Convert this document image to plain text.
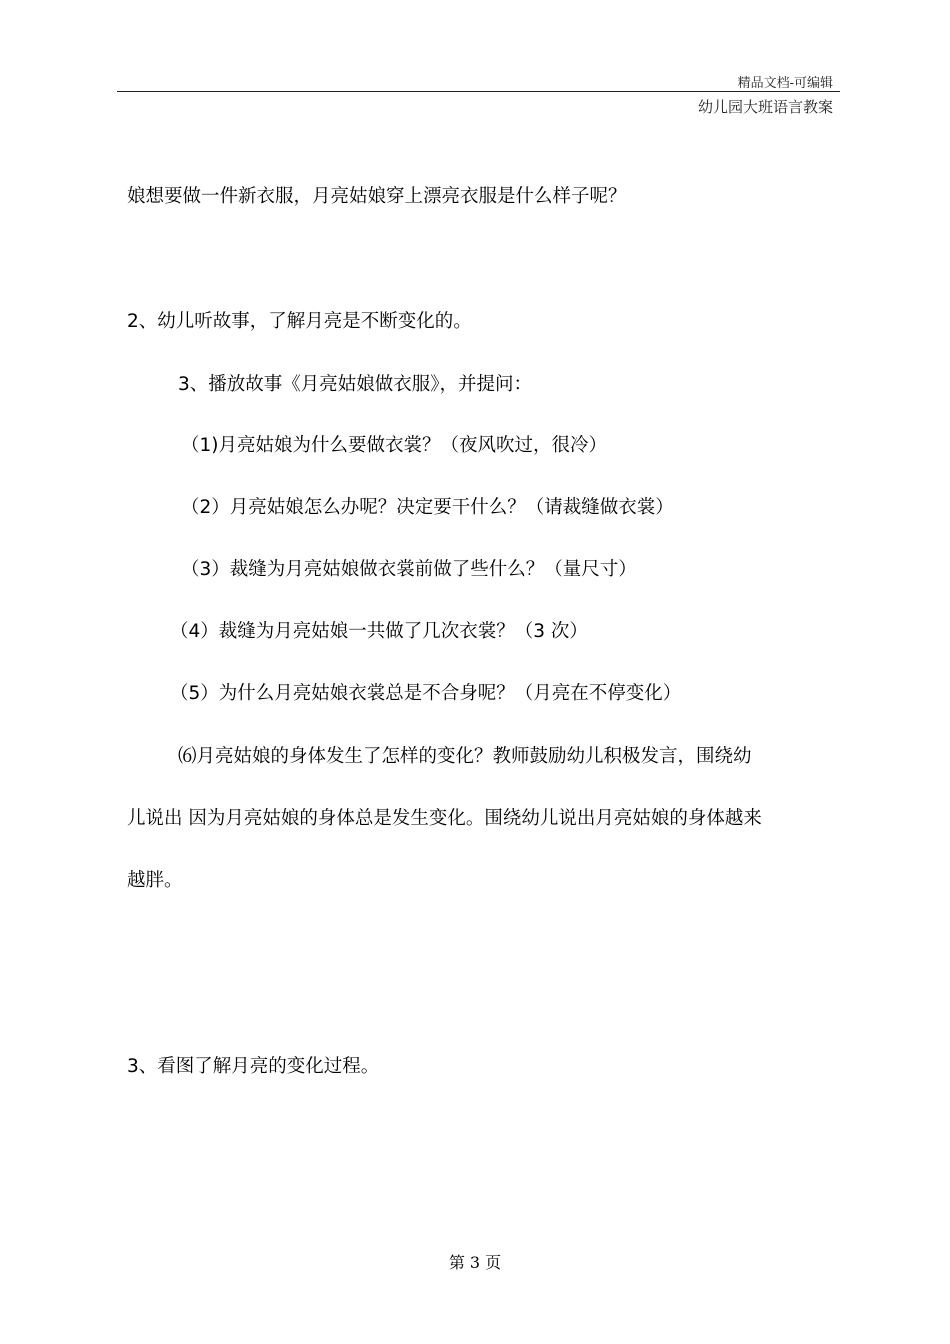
精品文档-可编辑
幼儿园大班语言教案
娘想要做一件新衣服，月亮姑娘穿上漂亮衣服是什么样子呢？
2、幼儿听故事，了解月亮是不断变化的。
3、播放故事《月亮姑娘做衣服》，并提问：
（1)月亮姑娘为什么要做衣裳？（夜风吹过，很冷）
（2）月亮姑娘怎么办呢？决定要干什么？（请裁缝做衣裳）
（3）裁缝为月亮姑娘做衣裳前做了些什么？（量尺寸）
（4）裁缝为月亮姑娘一共做了几次衣裳？（3 次）
（5）为什么月亮姑娘衣裳总是不合身呢？（月亮在不停变化）
⑹月亮姑娘的身体发生了怎样的变化？教师鼓励幼儿积极发言，围绕幼
儿说出 因为月亮姑娘的身体总是发生变化。围绕幼儿说出月亮姑娘的身体越来
越胖。
3、看图了解月亮的变化过程。
第 3 页
